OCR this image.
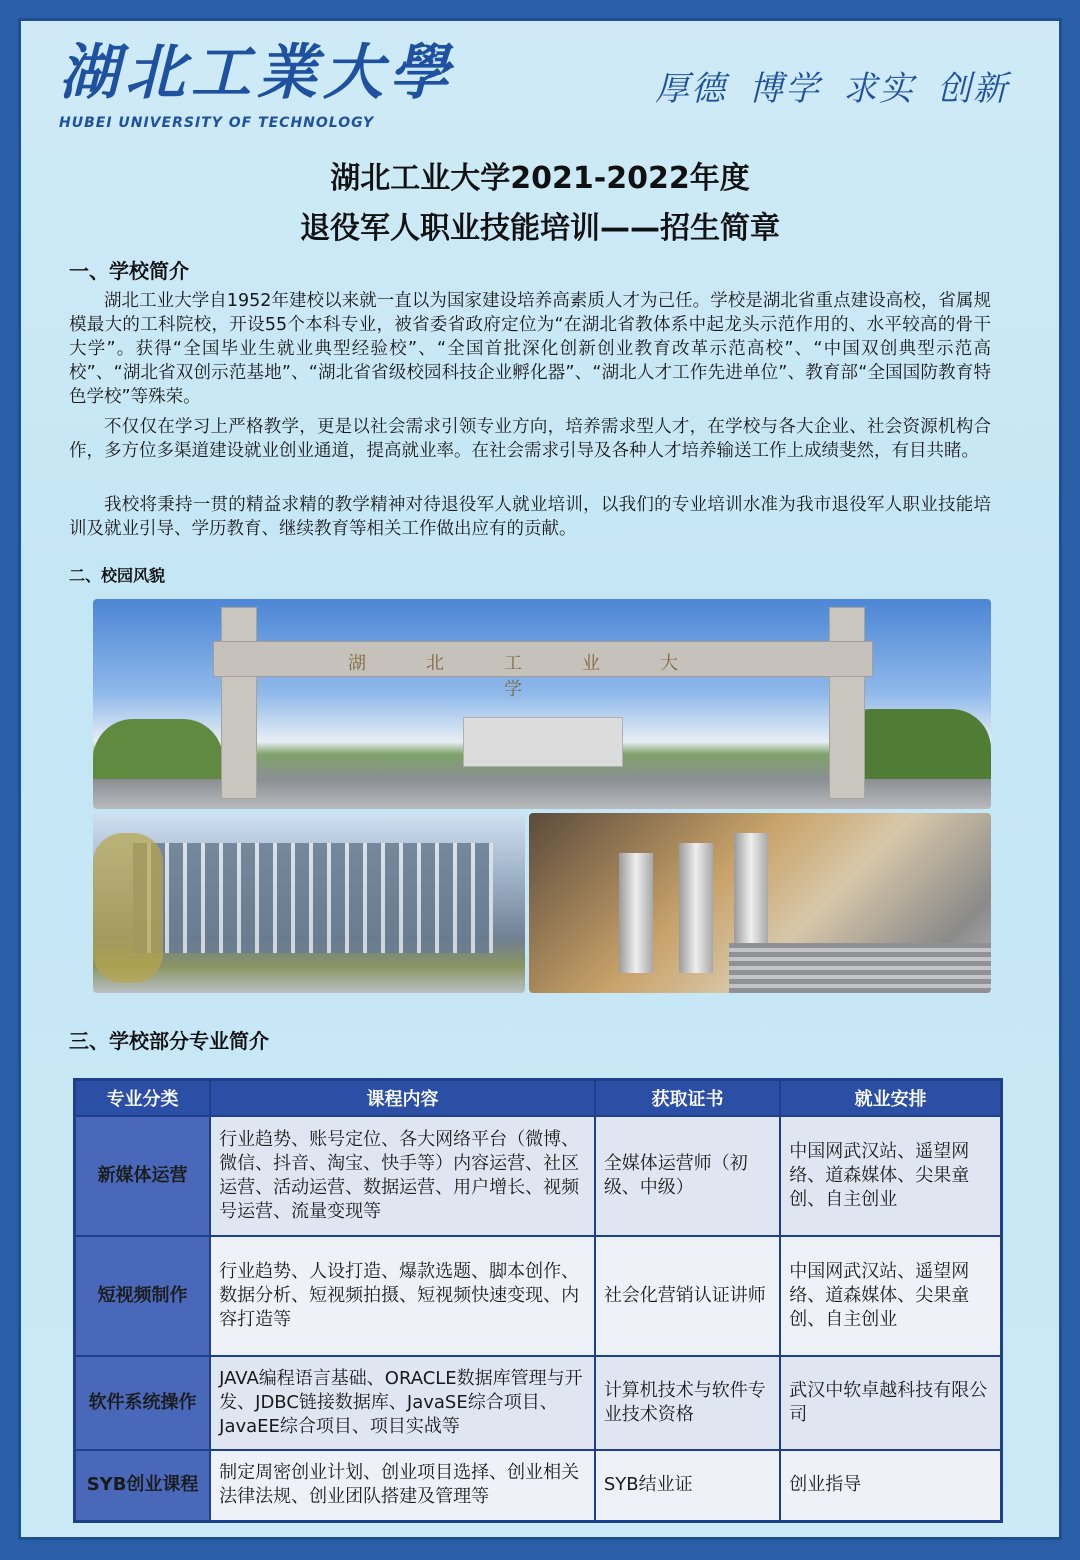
湖北工業大學
HUBEI UNIVERSITY OF TECHNOLOGY
厚德 博学 求实 创新
湖北工业大学2021-2022年度
退役军人职业技能培训——招生简章
一、学校简介

湖北工业大学自1952年建校以来就一直以为国家建设培养高素质人才为己任。学校是湖北省重点建设高校，省属规模最大的工科院校，开设55个本科专业，被省委省政府定位为“在湖北省教体系中起龙头示范作用的、水平较高的骨干大学”。获得“全国毕业生就业典型经验校”、“全国首批深化创新创业教育改革示范高校”、“中国双创典型示范高校”、“湖北省双创示范基地”、“湖北省省级校园科技企业孵化器”、“湖北人才工作先进单位”、教育部“全国国防教育特色学校”等殊荣。

不仅仅在学习上严格教学，更是以社会需求引领专业方向，培养需求型人才，在学校与各大企业、社会资源机构合作，多方位多渠道建设就业创业通道，提高就业率。在社会需求引导及各种人才培养输送工作上成绩斐然，有目共睹。

我校将秉持一贯的精益求精的教学精神对待退役军人就业培训，以我们的专业培训水准为我市退役军人职业技能培训及就业引导、学历教育、继续教育等相关工作做出应有的贡献。

二、校园风貌
湖北工业大学
三、学校部分专业简介
专业分类	课程内容	获取证书	就业安排
新媒体运营	行业趋势、账号定位、各大网络平台（微博、微信、抖音、淘宝、快手等）内容运营、社区运营、活动运营、数据运营、用户增长、视频号运营、流量变现等	全媒体运营师（初级、中级）	中国网武汉站、遥望网络、道森媒体、尖果童创、自主创业
短视频制作	行业趋势、人设打造、爆款选题、脚本创作、数据分析、短视频拍摄、短视频快速变现、内容打造等	社会化营销认证讲师	中国网武汉站、遥望网络、道森媒体、尖果童创、自主创业
软件系统操作	JAVA编程语言基础、ORACLE数据库管理与开发、JDBC链接数据库、JavaSE综合项目、JavaEE综合项目、项目实战等	计算机技术与软件专业技术资格	武汉中软卓越科技有限公司
SYB创业课程	制定周密创业计划、创业项目选择、创业相关法律法规、创业团队搭建及管理等	SYB结业证	创业指导
